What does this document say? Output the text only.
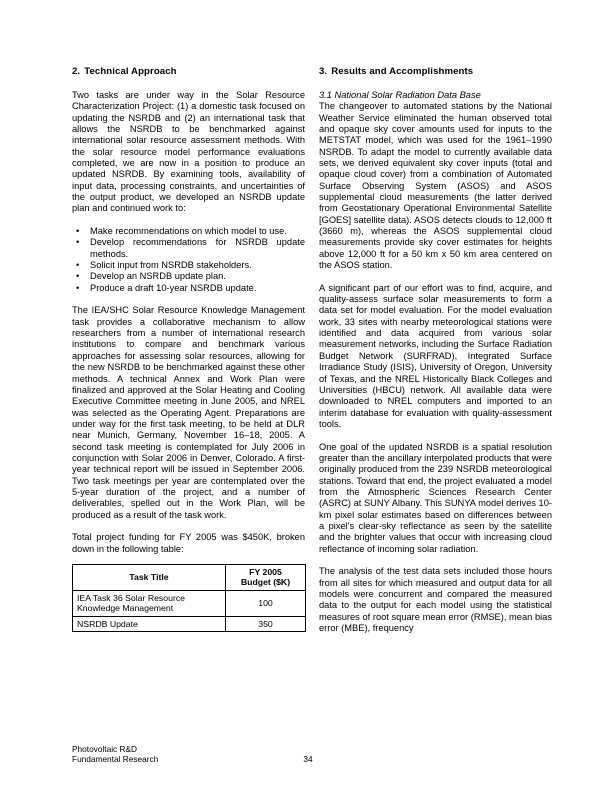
2. Technical Approach

Two tasks are under way in the Solar Resource Characterization Project: (1) a domestic task focused on updating the NSRDB and (2) an international task that allows the NSRDB to be benchmarked against international solar resource assessment methods. With the solar resource model performance evaluations completed, we are now in a position to produce an updated NSRDB. By examining tools, availability of input data, processing constraints, and uncertainties of the output product, we developed an NSRDB update plan and continued work to:

• Make recommendations on which model to use.
• Develop recommendations for NSRDB update methods.
• Solicit input from NSRDB stakeholders.
• Develop an NSRDB update plan.
• Produce a draft 10-year NSRDB update.

The IEA/SHC Solar Resource Knowledge Management task provides a collaborative mechanism to allow researchers from a number of international research institutions to compare and benchmark various approaches for assessing solar resources, allowing for the new NSRDB to be benchmarked against these other methods. A technical Annex and Work Plan were finalized and approved at the Solar Heating and Cooling Executive Committee meeting in June 2005, and NREL was selected as the Operating Agent. Preparations are under way for the first task meeting, to be held at DLR near Munich, Germany, November 16–18, 2005. A second task meeting is contemplated for July 2006 in conjunction with Solar 2006 in Denver, Colorado. A first-year technical report will be issued in September 2006. Two task meetings per year are contemplated over the 5-year duration of the project, and a number of deliverables, spelled out in the Work Plan, will be produced as a result of the task work.

Total project funding for FY 2005 was $450K, broken down in the following table:

Task Title	FY 2005
Budget ($K)
IEA Task 36 Solar Resource Knowledge Management	100
NSRDB Update	350
3. Results and Accomplishments
3.1 National Solar Radiation Data Base

The changeover to automated stations by the National Weather Service eliminated the human observed total and opaque sky cover amounts used for inputs to the METSTAT model, which was used for the 1961–1990 NSRDB. To adapt the model to currently available data sets, we derived equivalent sky cover inputs (total and opaque cloud cover) from a combination of Automated Surface Observing System (ASOS) and ASOS supplemental cloud measurements (the latter derived from Geostationary Operational Environmental Satellite [GOES] satellite data). ASOS detects clouds to 12,000 ft (3660 m), whereas the ASOS supplemental cloud measurements provide sky cover estimates for heights above 12,000 ft for a 50 km x 50 km area centered on the ASOS station.

A significant part of our effort was to find, acquire, and quality-assess surface solar measurements to form a data set for model evaluation. For the model evaluation work, 33 sites with nearby meteorological stations were identified and data acquired from various solar measurement networks, including the Surface Radiation Budget Network (SURFRAD), Integrated Surface Irradiance Study (ISIS), University of Oregon, University of Texas, and the NREL Historically Black Colleges and Universities (HBCU) network. All available data were downloaded to NREL computers and imported to an interim database for evaluation with quality-assessment tools.

One goal of the updated NSRDB is a spatial resolution greater than the ancillary interpolated products that were originally produced from the 239 NSRDB meteorological stations. Toward that end, the project evaluated a model from the Atmospheric Sciences Research Center (ASRC) at SUNY Albany. This SUNYA model derives 10-km pixel solar estimates based on differences between a pixel's clear-sky reflectance as seen by the satellite and the brighter values that occur with increasing cloud reflectance of incoming solar radiation.

The analysis of the test data sets included those hours from all sites for which measured and output data for all models were concurrent and compared the measured data to the output for each model using the statistical measures of root square mean error (RMSE), mean bias error (MBE), frequency

Photovoltaic R&D
Fundamental Research	34
